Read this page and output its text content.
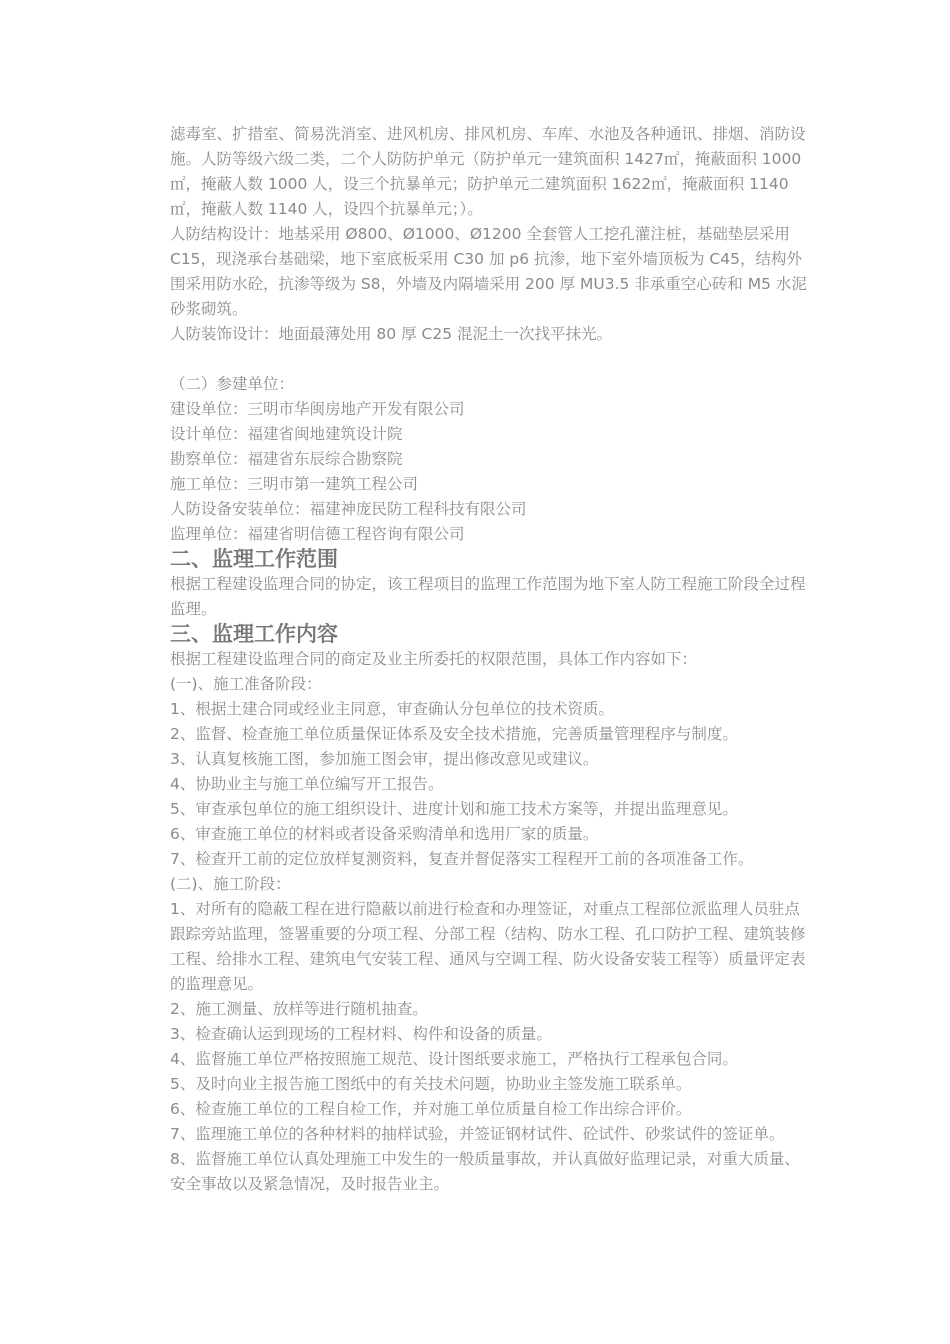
滤毒室、扩措室、简易洗消室、进风机房、排风机房、车库、水池及各种通讯、排烟、消防设施。人防等级六级二类，二个人防防护单元（防护单元一建筑面积 1427㎡，掩蔽面积 1000㎡，掩蔽人数 1000 人，设三个抗暴单元；防护单元二建筑面积 1622㎡，掩蔽面积 1140㎡，掩蔽人数 1140 人，设四个抗暴单元；）。

人防结构设计：地基采用 Ø800、Ø1000、Ø1200 全套管人工挖孔灌注桩，基础垫层采用 C15，现浇承台基础梁，地下室底板采用 C30 加 p6 抗渗，地下室外墙顶板为 C45，结构外围采用防水砼，抗渗等级为 S8，外墙及内隔墙采用 200 厚 MU3.5 非承重空心砖和 M5 水泥砂浆砌筑。

人防装饰设计：地面最薄处用 80 厚 C25 混泥土一次找平抹光。

（二）参建单位：

建设单位：三明市华闽房地产开发有限公司

设计单位：福建省闽地建筑设计院

勘察单位：福建省东辰综合勘察院

施工单位：三明市第一建筑工程公司

人防设备安装单位：福建神庞民防工程科技有限公司

监理单位：福建省明信德工程咨询有限公司

二、监理工作范围

根据工程建设监理合同的协定，该工程项目的监理工作范围为地下室人防工程施工阶段全过程监理。

三、监理工作内容

根据工程建设监理合同的商定及业主所委托的权限范围，具体工作内容如下：

(一)、施工准备阶段：

1、根据土建合同或经业主同意，审查确认分包单位的技术资质。

2、监督、检查施工单位质量保证体系及安全技术措施，完善质量管理程序与制度。

3、认真复核施工图，参加施工图会审，提出修改意见或建议。

4、协助业主与施工单位编写开工报告。

5、审查承包单位的施工组织设计、进度计划和施工技术方案等，并提出监理意见。

6、审查施工单位的材料或者设备采购清单和选用厂家的质量。

7、检查开工前的定位放样复测资料，复查并督促落实工程程开工前的各项准备工作。

(二)、施工阶段：

1、对所有的隐蔽工程在进行隐蔽以前进行检查和办理签证，对重点工程部位派监理人员驻点跟踪旁站监理，签署重要的分项工程、分部工程（结构、防水工程、孔口防护工程、建筑装修工程、给排水工程、建筑电气安装工程、通风与空调工程、防火设备安装工程等）质量评定表的监理意见。

2、施工测量、放样等进行随机抽查。

3、检查确认运到现场的工程材料、构件和设备的质量。

4、监督施工单位严格按照施工规范、设计图纸要求施工，严格执行工程承包合同。

5、及时向业主报告施工图纸中的有关技术问题，协助业主签发施工联系单。

6、检查施工单位的工程自检工作，并对施工单位质量自检工作出综合评价。

7、监理施工单位的各种材料的抽样试验，并签证钢材试件、砼试件、砂浆试件的签证单。

8、监督施工单位认真处理施工中发生的一般质量事故，并认真做好监理记录，对重大质量、安全事故以及紧急情况，及时报告业主。
